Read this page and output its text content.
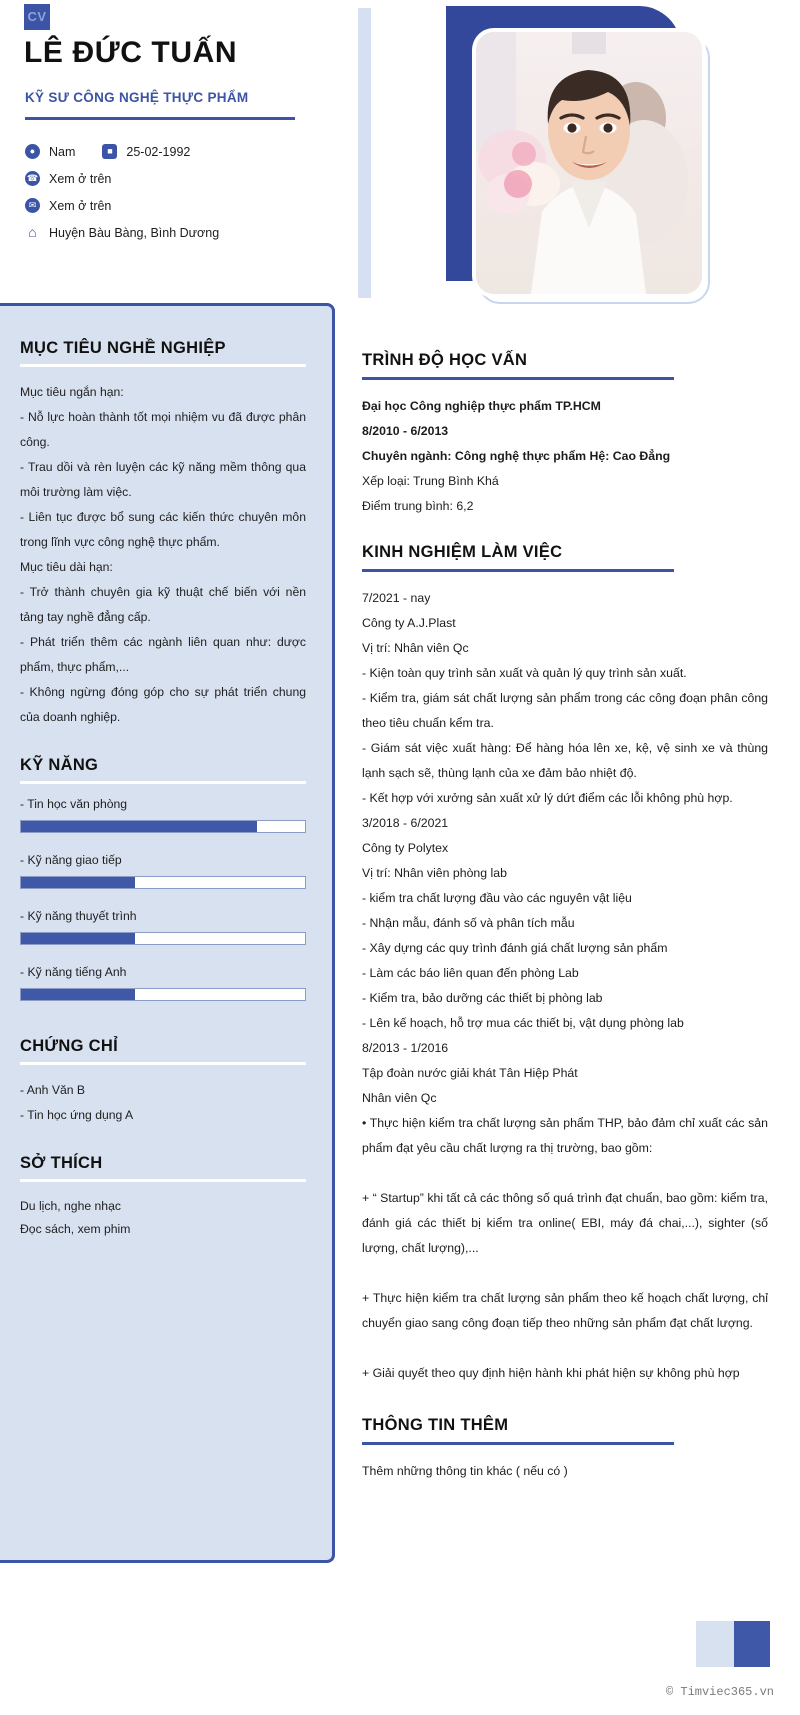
CV
LÊ ĐỨC TUẤN
KỸ SƯ CÔNG NGHỆ THỰC PHẨM
●	Nam	■	25-02-1992
☎ Xem ở trên
✉ Xem ở trên
⌂ Huyện Bàu Bàng, Bình Dương
MỤC TIÊU NGHỀ NGHIỆP
Mục tiêu ngắn hạn:
- Nỗ lực hoàn thành tốt mọi nhiệm vu đã được phân công.
- Trau dồi và rèn luyện các kỹ năng mềm thông qua môi trường làm việc.
- Liên tục được bổ sung các kiến thức chuyên môn trong lĩnh vực công nghệ thực phẩm.
Mục tiêu dài hạn:
- Trở thành chuyên gia kỹ thuật chế biến với nền tảng tay nghề đẳng cấp.
- Phát triển thêm các ngành liên quan như: dược phẩm, thực phẩm,...
- Không ngừng đóng góp cho sự phát triển chung của doanh nghiệp.
KỸ NĂNG
- Tin học văn phòng
- Kỹ năng giao tiếp
- Kỹ năng thuyết trình
- Kỹ năng tiếng Anh
CHỨNG CHỈ
- Anh Văn B
- Tin học ứng dụng A
SỞ THÍCH
Du lịch, nghe nhạc
Đọc sách, xem phim
TRÌNH ĐỘ HỌC VẤN
Đại học Công nghiệp thực phẩm TP.HCM
8/2010 - 6/2013
Chuyên ngành: Công nghệ thực phẩm Hệ: Cao Đẳng
Xếp loại: Trung Bình Khá
Điểm trung bình: 6,2
KINH NGHIỆM LÀM VIỆC
7/2021 - nay
Công ty A.J.Plast
Vị trí: Nhân viên Qc
- Kiện toàn quy trình sản xuất và quản lý quy trình sản xuất.
- Kiểm tra, giám sát chất lượng sản phẩm trong các công đoạn phân công theo tiêu chuẩn kểm tra.
- Giám sát việc xuất hàng: Để hàng hóa lên xe, kệ, vệ sinh xe và thùng lạnh sạch sẽ, thùng lạnh của xe đảm bảo nhiệt độ.
- Kết hợp với xưởng sản xuất xử lý dứt điểm các lỗi không phù hợp.
3/2018 - 6/2021
Công ty Polytex
Vị trí: Nhân viên phòng lab
- kiểm tra chất lượng đầu vào các nguyên vật liệu
- Nhận mẫu, đánh số và phân tích mẫu
- Xây dựng các quy trình đánh giá chất lượng sản phẩm
- Làm các báo liên quan đến phòng Lab
- Kiểm tra, bảo dưỡng các thiết bị phòng lab
- Lên kế hoạch, hỗ trợ mua các thiết bị, vật dụng phòng lab
8/2013 - 1/2016
Tập đoàn nước giải khát Tân Hiệp Phát
Nhân viên Qc
• Thực hiện kiểm tra chất lượng sản phẩm THP, bảo đảm chỉ xuất các sản phẩm đạt yêu cầu chất lượng ra thị trường, bao gồm:
+ “ Startup” khi tất cả các thông số quá trình đạt chuẩn, bao gồm: kiểm tra, đánh giá các thiết bị kiểm tra online( EBI, máy đá chai,...), sighter (số lượng, chất lượng),...
+ Thực hiện kiểm tra chất lượng sản phẩm theo kế hoạch chất lượng, chỉ chuyển giao sang công đoạn tiếp theo những sản phẩm đạt chất lượng.
+ Giải quyết theo quy định hiện hành khi phát hiện sự không phù hợp
THÔNG TIN THÊM
Thêm những thông tin khác ( nếu có )
© Timviec365.vn
